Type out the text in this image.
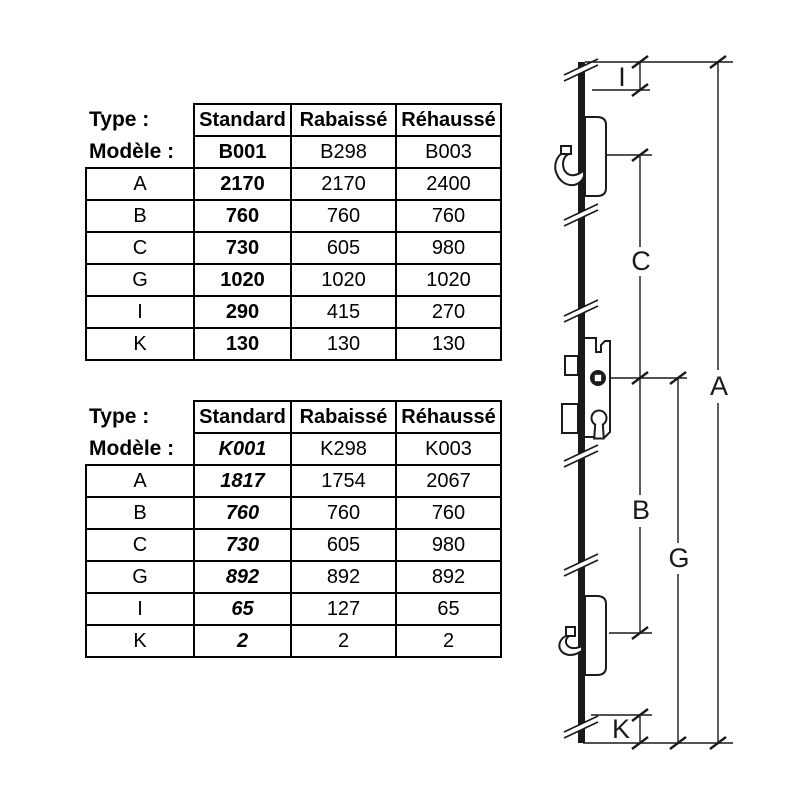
Type :	Standard	Rabaissé	Réhaussé
Modèle :	B001	B298	B003
A	2170	2170	2400
B	760	760	760
C	730	605	980
G	1020	1020	1020
I	290	415	270
K	130	130	130
Type :	Standard	Rabaissé	Réhaussé
Modèle :	K001	K298	K003
A	1817	1754	2067
B	760	760	760
C	730	605	980
G	892	892	892
I	65	127	65
K	2	2	2
I
C
B
G
A
K
